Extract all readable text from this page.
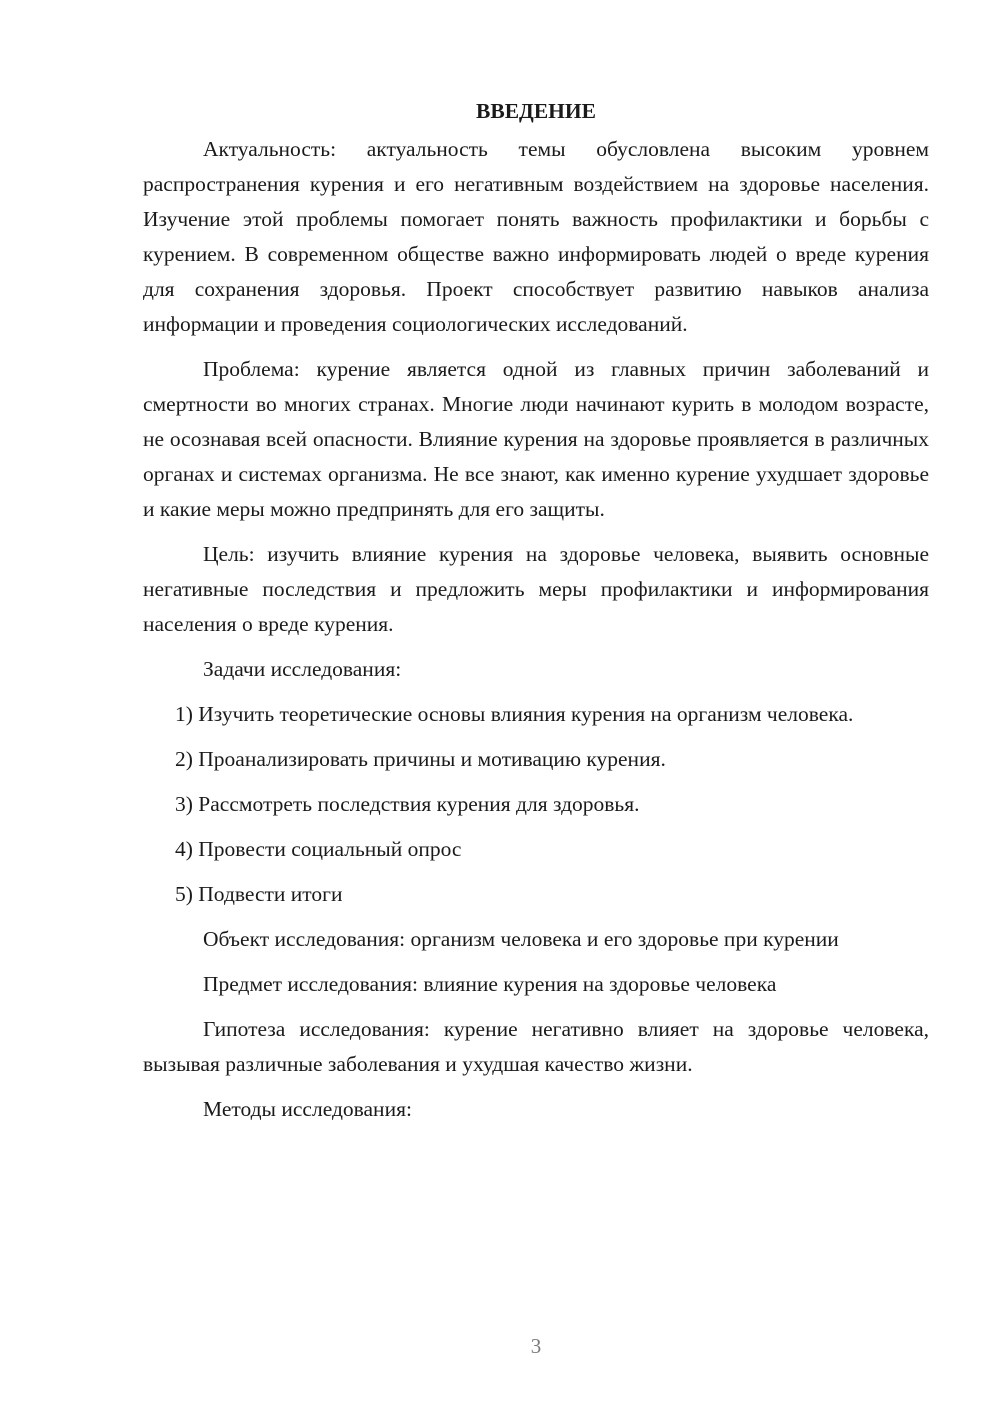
ВВЕДЕНИЕ

Актуальность: актуальность темы обусловлена высоким уровнем распространения курения и его негативным воздействием на здоровье населения. Изучение этой проблемы помогает понять важность профилактики и борьбы с курением. В современном обществе важно информировать людей о вреде курения для сохранения здоровья. Проект способствует развитию навыков анализа информации и проведения социологических исследований.

Проблема: курение является одной из главных причин заболеваний и смертности во многих странах. Многие люди начинают курить в молодом возрасте, не осознавая всей опасности. Влияние курения на здоровье проявляется в различных органах и системах организма. Не все знают, как именно курение ухудшает здоровье и какие меры можно предпринять для его защиты.

Цель: изучить влияние курения на здоровье человека, выявить основные негативные последствия и предложить меры профилактики и информирования населения о вреде курения.

Задачи исследования:

1) Изучить теоретические основы влияния курения на организм человека.

2) Проанализировать причины и мотивацию курения.

3) Рассмотреть последствия курения для здоровья.

4) Провести социальный опрос

5) Подвести итоги

Объект исследования: организм человека и его здоровье при курении

Предмет исследования: влияние курения на здоровье человека

Гипотеза исследования: курение негативно влияет на здоровье человека, вызывая различные заболевания и ухудшая качество жизни.

Методы исследования:

3
